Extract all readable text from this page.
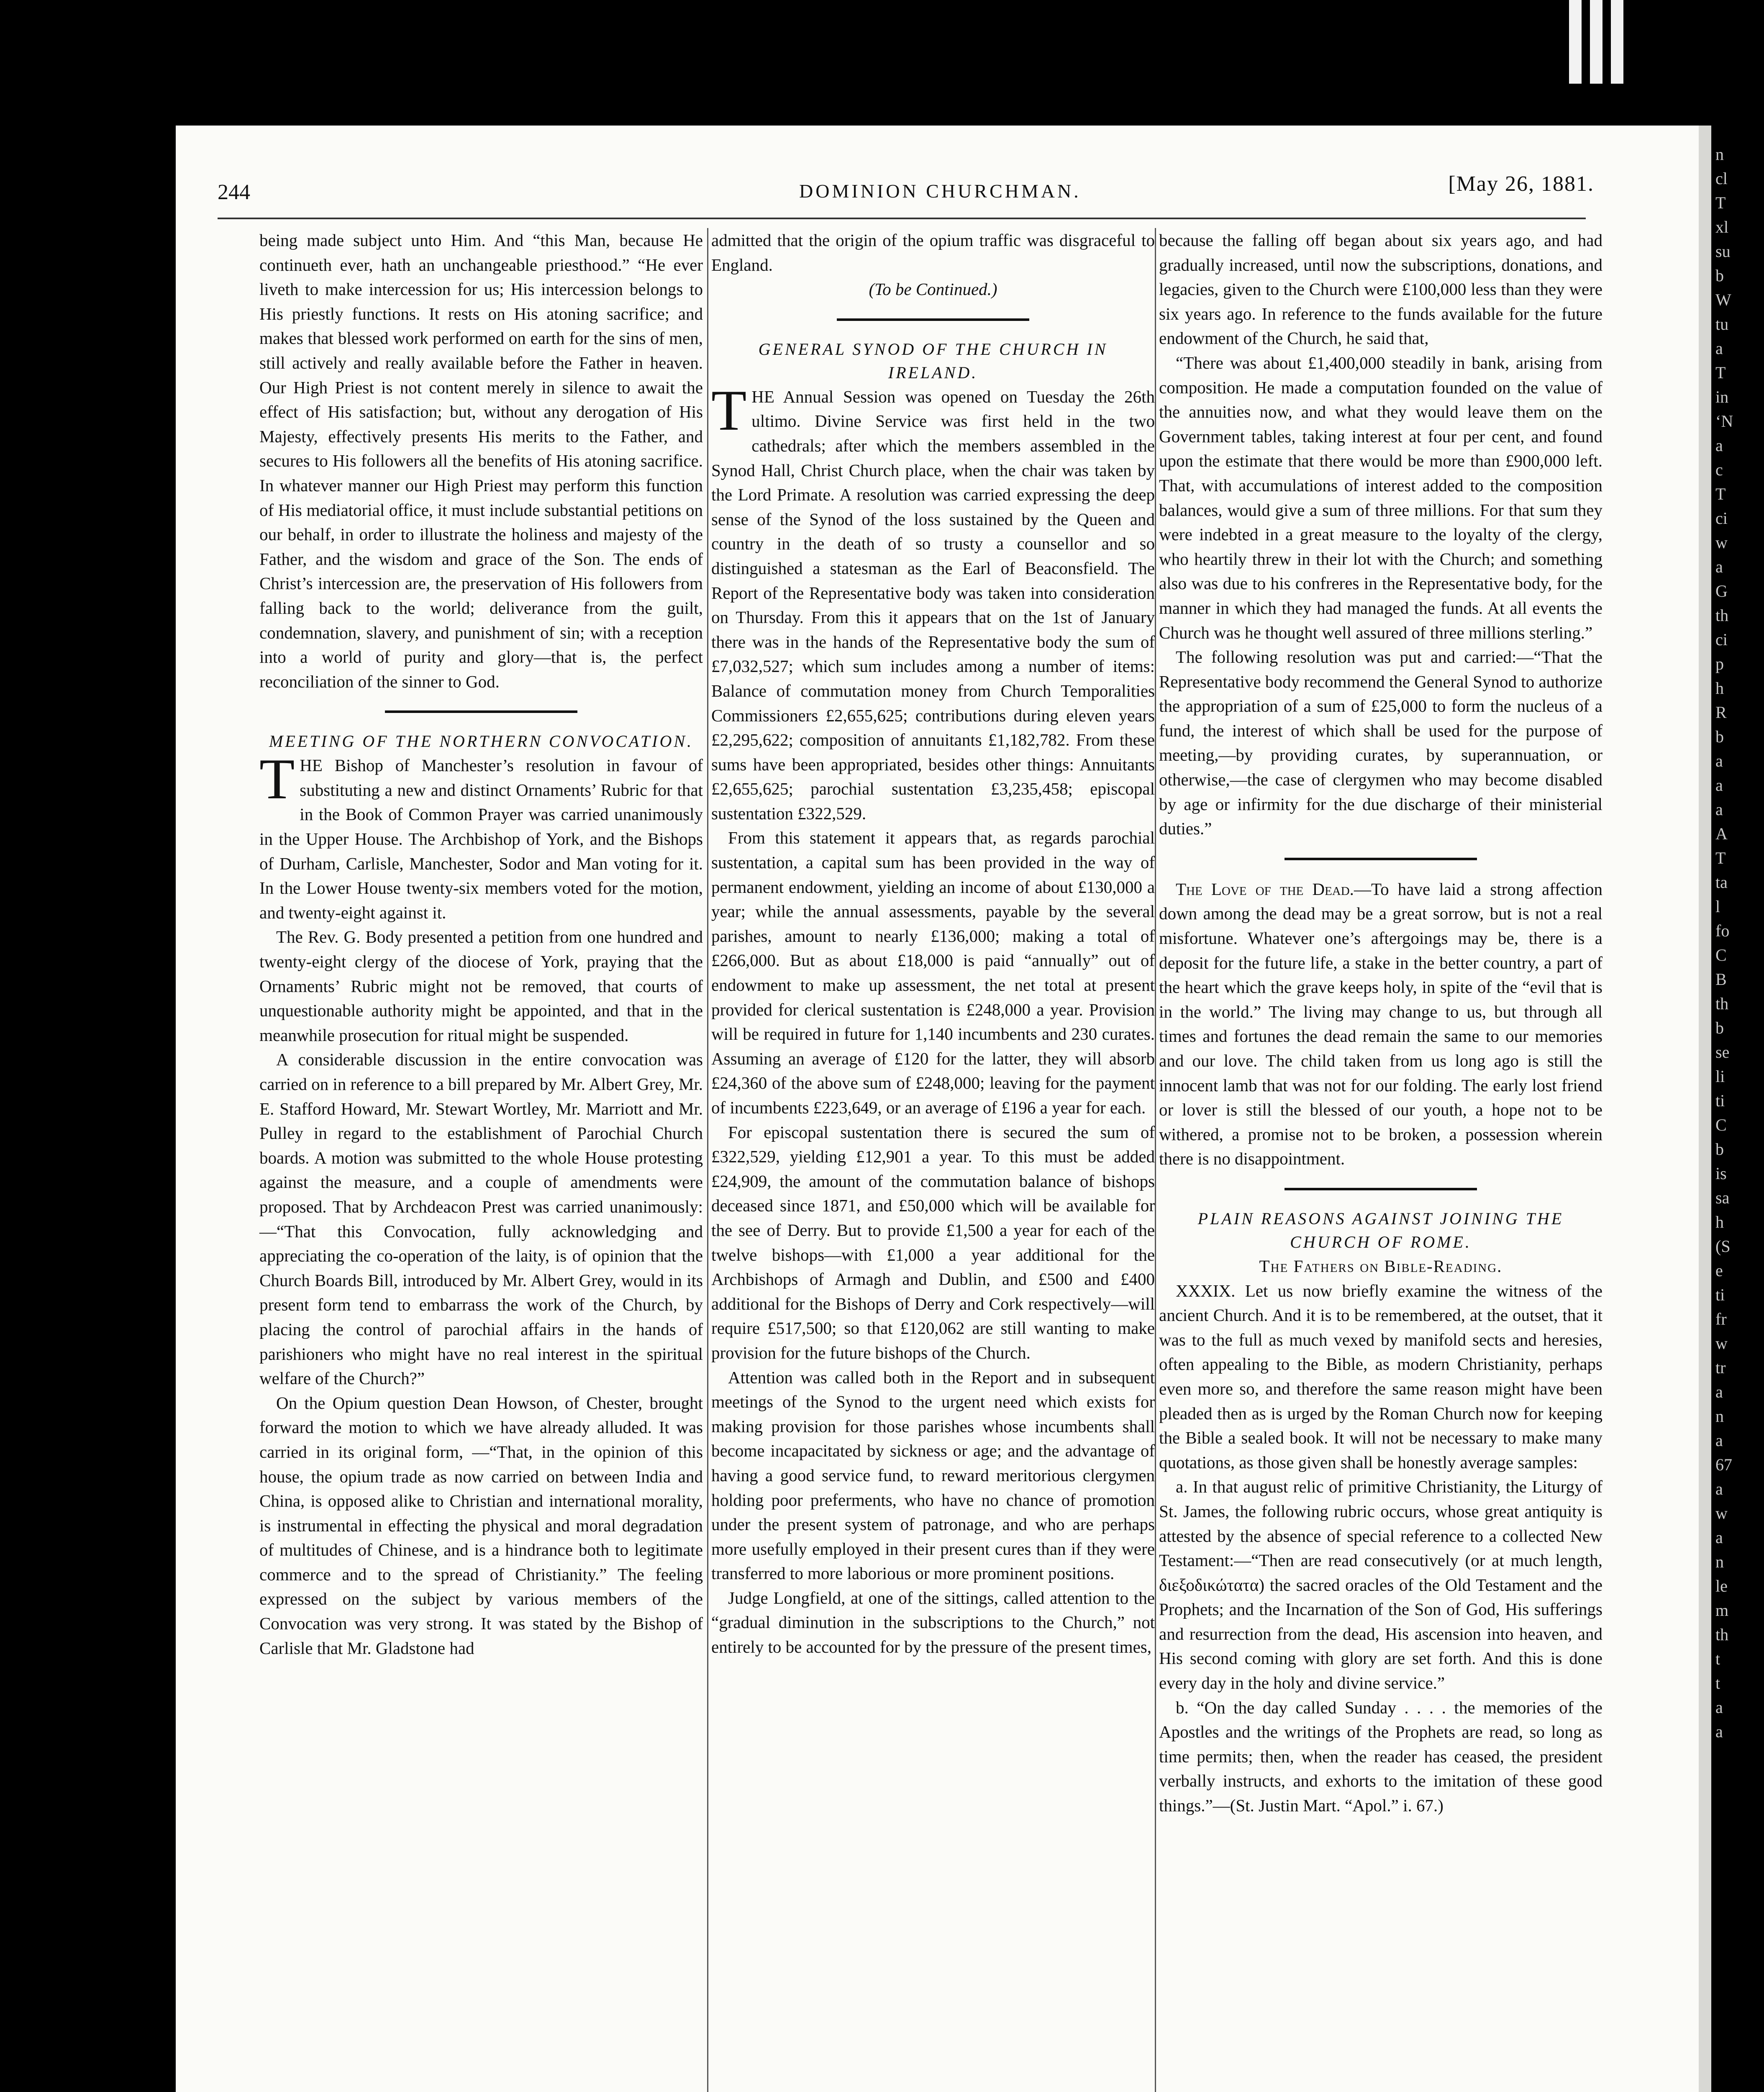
244	DOMINION CHURCHMAN.	[May 26, 1881.

being made subject unto Him. And “this Man, because He continueth ever, hath an unchangeable priesthood.” “He ever liveth to make intercession for us; His intercession belongs to His priestly functions. It rests on His atoning sacrifice; and makes that blessed work performed on earth for the sins of men, still actively and really available before the Father in heaven. Our High Priest is not content merely in silence to await the effect of His satisfaction; but, without any derogation of His Majesty, effectively presents His merits to the Father, and secures to His followers all the benefits of His atoning sacrifice. In whatever manner our High Priest may perform this function of His mediatorial office, it must include substantial petitions on our behalf, in order to illustrate the holiness and majesty of the Father, and the wisdom and grace of the Son. The ends of Christ’s intercession are, the preservation of His followers from falling back to the world; deliverance from the guilt, condemnation, slavery, and punishment of sin; with a reception into a world of purity and glory—that is, the perfect reconciliation of the sinner to God.

MEETING OF THE NORTHERN CONVOCATION.

THE Bishop of Manchester’s resolution in favour of substituting a new and distinct Ornaments’ Rubric for that in the Book of Common Prayer was carried unanimously in the Upper House. The Archbishop of York, and the Bishops of Durham, Carlisle, Manchester, Sodor and Man voting for it. In the Lower House twenty-six members voted for the motion, and twenty-eight against it.

The Rev. G. Body presented a petition from one hundred and twenty-eight clergy of the diocese of York, praying that the Ornaments’ Rubric might not be removed, that courts of unquestionable authority might be appointed, and that in the meanwhile prosecution for ritual might be suspended.

A considerable discussion in the entire convocation was carried on in reference to a bill prepared by Mr. Albert Grey, Mr. E. Stafford Howard, Mr. Stewart Wortley, Mr. Marriott and Mr. Pulley in regard to the establishment of Parochial Church boards. A motion was submitted to the whole House protesting against the measure, and a couple of amendments were proposed. That by Archdeacon Prest was carried unanimously:—“That this Convocation, fully acknowledging and appreciating the co-operation of the laity, is of opinion that the Church Boards Bill, introduced by Mr. Albert Grey, would in its present form tend to embarrass the work of the Church, by placing the control of parochial affairs in the hands of parishioners who might have no real interest in the spiritual welfare of the Church?”

On the Opium question Dean Howson, of Chester, brought forward the motion to which we have already alluded. It was carried in its original form, —“That, in the opinion of this house, the opium trade as now carried on between India and China, is opposed alike to Christian and international morality, is instrumental in effecting the physical and moral degradation of multitudes of Chinese, and is a hindrance both to legitimate commerce and to the spread of Christianity.” The feeling expressed on the subject by various members of the Convocation was very strong. It was stated by the Bishop of Carlisle that Mr. Gladstone had

admitted that the origin of the opium traffic was disgraceful to England.

(To be Continued.)

GENERAL SYNOD OF THE CHURCH IN IRELAND.

THE Annual Session was opened on Tuesday the 26th ultimo. Divine Service was first held in the two cathedrals; after which the members assembled in the Synod Hall, Christ Church place, when the chair was taken by the Lord Primate. A resolution was carried expressing the deep sense of the Synod of the loss sustained by the Queen and country in the death of so trusty a counsellor and so distinguished a statesman as the Earl of Beaconsfield. The Report of the Representative body was taken into consideration on Thursday. From this it appears that on the 1st of January there was in the hands of the Representative body the sum of £7,032,527; which sum includes among a number of items: Balance of commutation money from Church Temporalities Commissioners £2,655,625; contributions during eleven years £2,295,622; composition of annuitants £1,182,782. From these sums have been appropriated, besides other things: Annuitants £2,655,625; parochial sustentation £3,235,458; episcopal sustentation £322,529.

From this statement it appears that, as regards parochial sustentation, a capital sum has been provided in the way of permanent endowment, yielding an income of about £130,000 a year; while the annual assessments, payable by the several parishes, amount to nearly £136,000; making a total of £266,000. But as about £18,000 is paid “annually” out of endowment to make up assessment, the net total at present provided for clerical sustentation is £248,000 a year. Provision will be required in future for 1,140 incumbents and 230 curates. Assuming an average of £120 for the latter, they will absorb £24,360 of the above sum of £248,000; leaving for the payment of incumbents £223,649, or an average of £196 a year for each.

For episcopal sustentation there is secured the sum of £322,529, yielding £12,901 a year. To this must be added £24,909, the amount of the commutation balance of bishops deceased since 1871, and £50,000 which will be available for the see of Derry. But to provide £1,500 a year for each of the twelve bishops—with £1,000 a year additional for the Archbishops of Armagh and Dublin, and £500 and £400 additional for the Bishops of Derry and Cork respectively—will require £517,500; so that £120,062 are still wanting to make provision for the future bishops of the Church.

Attention was called both in the Report and in subsequent meetings of the Synod to the urgent need which exists for making provision for those parishes whose incumbents shall become incapacitated by sickness or age; and the advantage of having a good service fund, to reward meritorious clergymen holding poor preferments, who have no chance of promotion under the present system of patronage, and who are perhaps more usefully employed in their present cures than if they were transferred to more laborious or more prominent positions.

Judge Longfield, at one of the sittings, called attention to the “gradual diminution in the subscriptions to the Church,” not entirely to be accounted for by the pressure of the present times,

because the falling off began about six years ago, and had gradually increased, until now the subscriptions, donations, and legacies, given to the Church were £100,000 less than they were six years ago. In reference to the funds available for the future endowment of the Church, he said that,

“There was about £1,400,000 steadily in bank, arising from composition. He made a computation founded on the value of the annuities now, and what they would leave them on the Government tables, taking interest at four per cent, and found upon the estimate that there would be more than £900,000 left. That, with accumulations of interest added to the composition balances, would give a sum of three millions. For that sum they were indebted in a great measure to the loyalty of the clergy, who heartily threw in their lot with the Church; and something also was due to his confreres in the Representative body, for the manner in which they had managed the funds. At all events the Church was he thought well assured of three millions sterling.”

The following resolution was put and carried:—“That the Representative body recommend the General Synod to authorize the appropriation of a sum of £25,000 to form the nucleus of a fund, the interest of which shall be used for the purpose of meeting,—by providing curates, by superannuation, or otherwise,—the case of clergymen who may become disabled by age or infirmity for the due discharge of their ministerial duties.”

The Love of the Dead.—To have laid a strong affection down among the dead may be a great sorrow, but is not a real misfortune. Whatever one’s aftergoings may be, there is a deposit for the future life, a stake in the better country, a part of the heart which the grave keeps holy, in spite of the “evil that is in the world.” The living may change to us, but through all times and fortunes the dead remain the same to our memories and our love. The child taken from us long ago is still the innocent lamb that was not for our folding. The early lost friend or lover is still the blessed of our youth, a hope not to be withered, a promise not to be broken, a possession wherein there is no disappointment.

PLAIN REASONS AGAINST JOINING THE CHURCH OF ROME.

The Fathers on Bible-Reading.

XXXIX. Let us now briefly examine the witness of the ancient Church. And it is to be remembered, at the outset, that it was to the full as much vexed by manifold sects and heresies, often appealing to the Bible, as modern Christianity, perhaps even more so, and therefore the same reason might have been pleaded then as is urged by the Roman Church now for keeping the Bible a sealed book. It will not be necessary to make many quotations, as those given shall be honestly average samples:

a. In that august relic of primitive Christianity, the Liturgy of St. James, the following rubric occurs, whose great antiquity is attested by the absence of special reference to a collected New Testament:—“Then are read consecutively (or at much length, διεξοδικώτατα) the sacred oracles of the Old Testament and the Prophets; and the Incarnation of the Son of God, His sufferings and resurrection from the dead, His ascension into heaven, and His second coming with glory are set forth. And this is done every day in the holy and divine service.”

b. “On the day called Sunday . . . . the memories of the Apostles and the writings of the Prophets are read, so long as time permits; then, when the reader has ceased, the president verbally instructs, and exhorts to the imitation of these good things.”—(St. Justin Mart. “Apol.” i. 67.)

n
cl
T
xl
su
b
W
tu
a
T
in
‘N
a
c
T
ci
w
a
G
th
ci
p
h
R
b
a
a
a
A
T
ta
l
fo
C
B
th
b
se
li
ti
C
b
is
sa
h
(S
e
ti
fr
w
tr
a
n
a
67
a
w
a
n
le
m
th
t
t
a
a
